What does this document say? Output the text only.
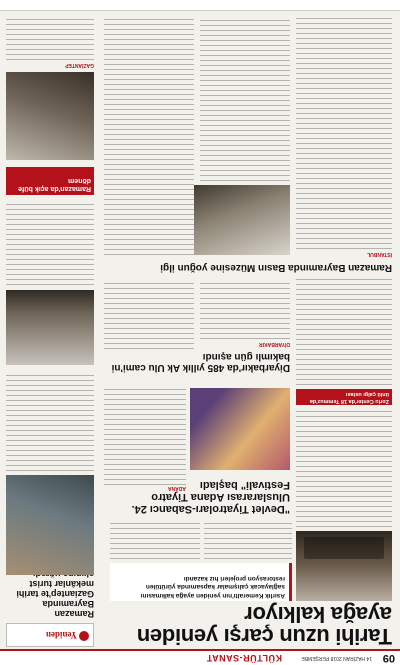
09
14 HAZİRAN 2018 PERŞEMBE
KÜLTÜR-SANAT
Tarihi uzun çarşı yeniden ayağa kalkıyor
Asırlık Kemeraltı'nın yeniden ayağa kalkmasını sağlayacak çalışmalar kapsamında yürütülen restorasyon projeleri hız kazandı
Yeniden
Ramazan Bayramında Gaziantep'te tarihi mekânlar turist
"Devlet Tiyatroları-Sabancı 24. Uluslararası Adana Tiyatro Festivali" başladı
ADANA
Zorlu Center'da 18 Temmuz'da ünlü çalgı ustası
Diyarbakır'da 485 yıllık Ak Ulu cami'ni bakımlı gün aşındı
DİYARBAKIR
Ramazan Bayramında Basın Müzesine yoğun ilgi
İSTANBUL
Ramazan'da açık büfe dönem
GAZİANTEP
